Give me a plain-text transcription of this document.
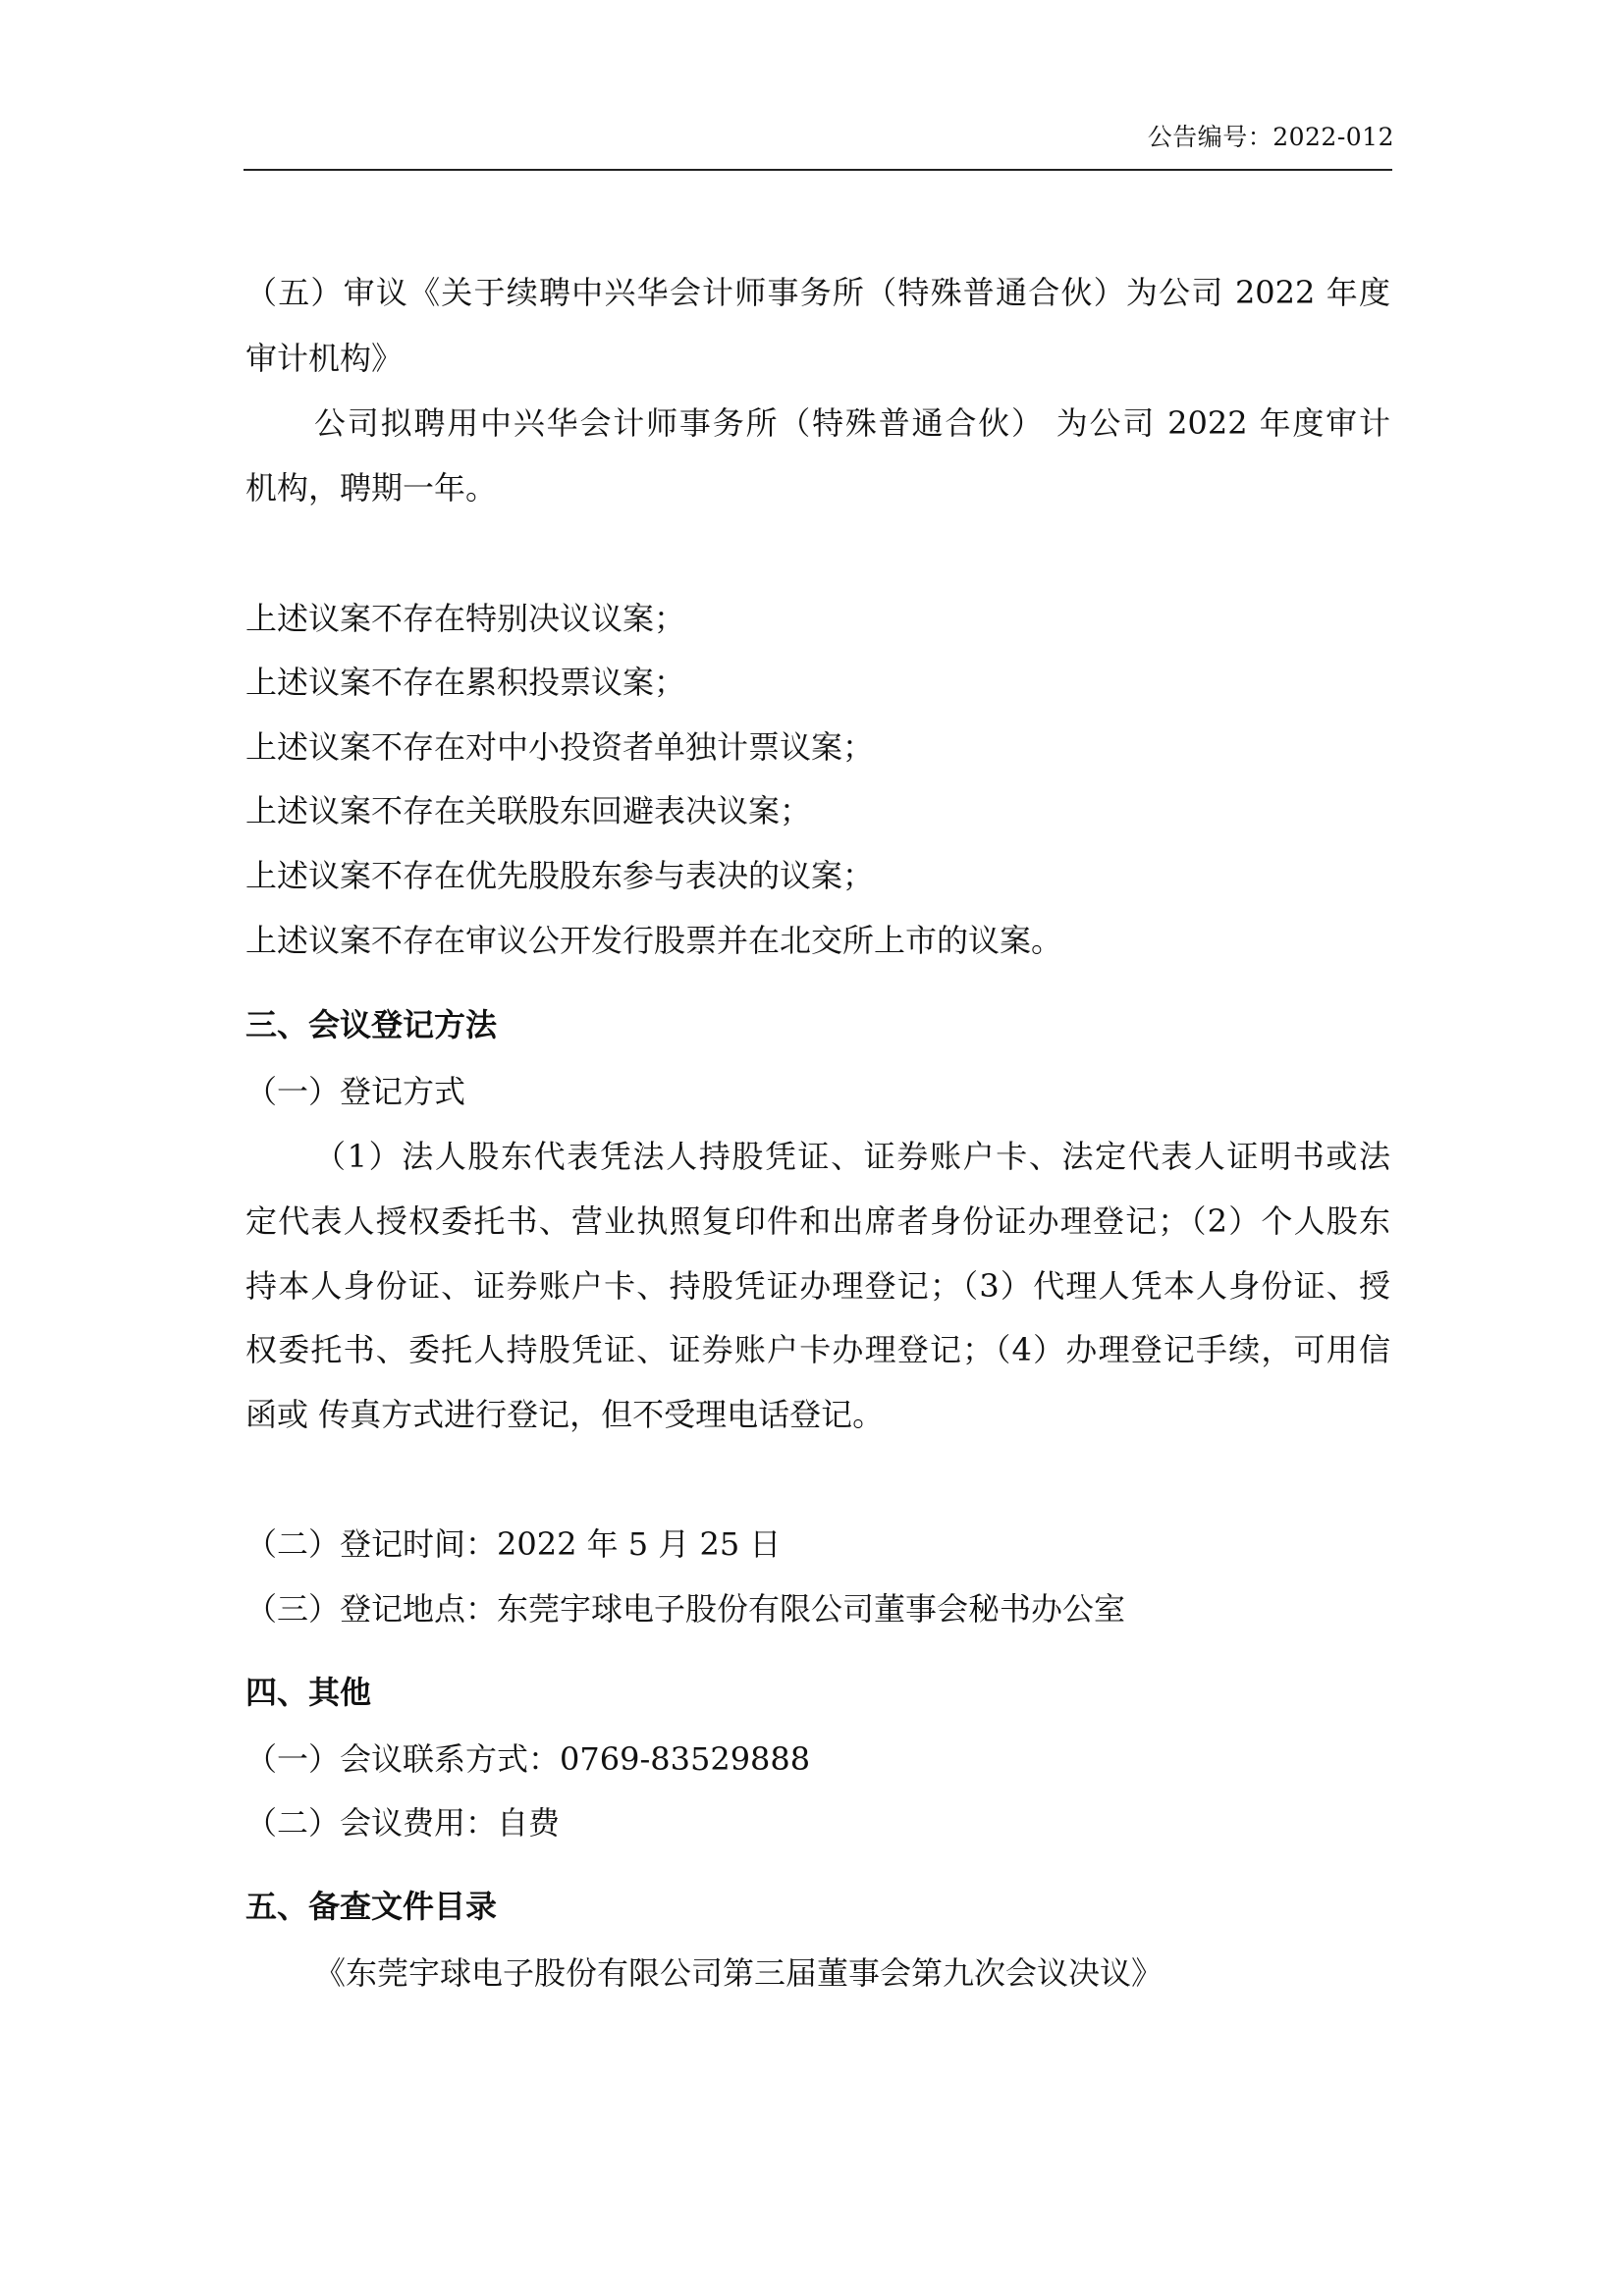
公告编号：2022-012
（五）审议《关于续聘中兴华会计师事务所（特殊普通合伙）为公司 2022 年度
审计机构》
公司拟聘用中兴华会计师事务所（特殊普通合伙） 为公司 2022 年度审计
机构，聘期一年。
上述议案不存在特别决议议案；
上述议案不存在累积投票议案；
上述议案不存在对中小投资者单独计票议案；
上述议案不存在关联股东回避表决议案；
上述议案不存在优先股股东参与表决的议案；
上述议案不存在审议公开发行股票并在北交所上市的议案。
三、会议登记方法
（一）登记方式
（1）法人股东代表凭法人持股凭证、证券账户卡、法定代表人证明书或法
定代表人授权委托书、营业执照复印件和出席者身份证办理登记；（2）个人股东
持本人身份证、证券账户卡、持股凭证办理登记；（3）代理人凭本人身份证、授
权委托书、委托人持股凭证、证券账户卡办理登记；（4）办理登记手续，可用信
函或 传真方式进行登记，但不受理电话登记。
（二）登记时间：2022 年 5 月 25 日
（三）登记地点：东莞宇球电子股份有限公司董事会秘书办公室
四、其他
（一）会议联系方式：0769-83529888
（二）会议费用：自费
五、备查文件目录
《东莞宇球电子股份有限公司第三届董事会第九次会议决议》
